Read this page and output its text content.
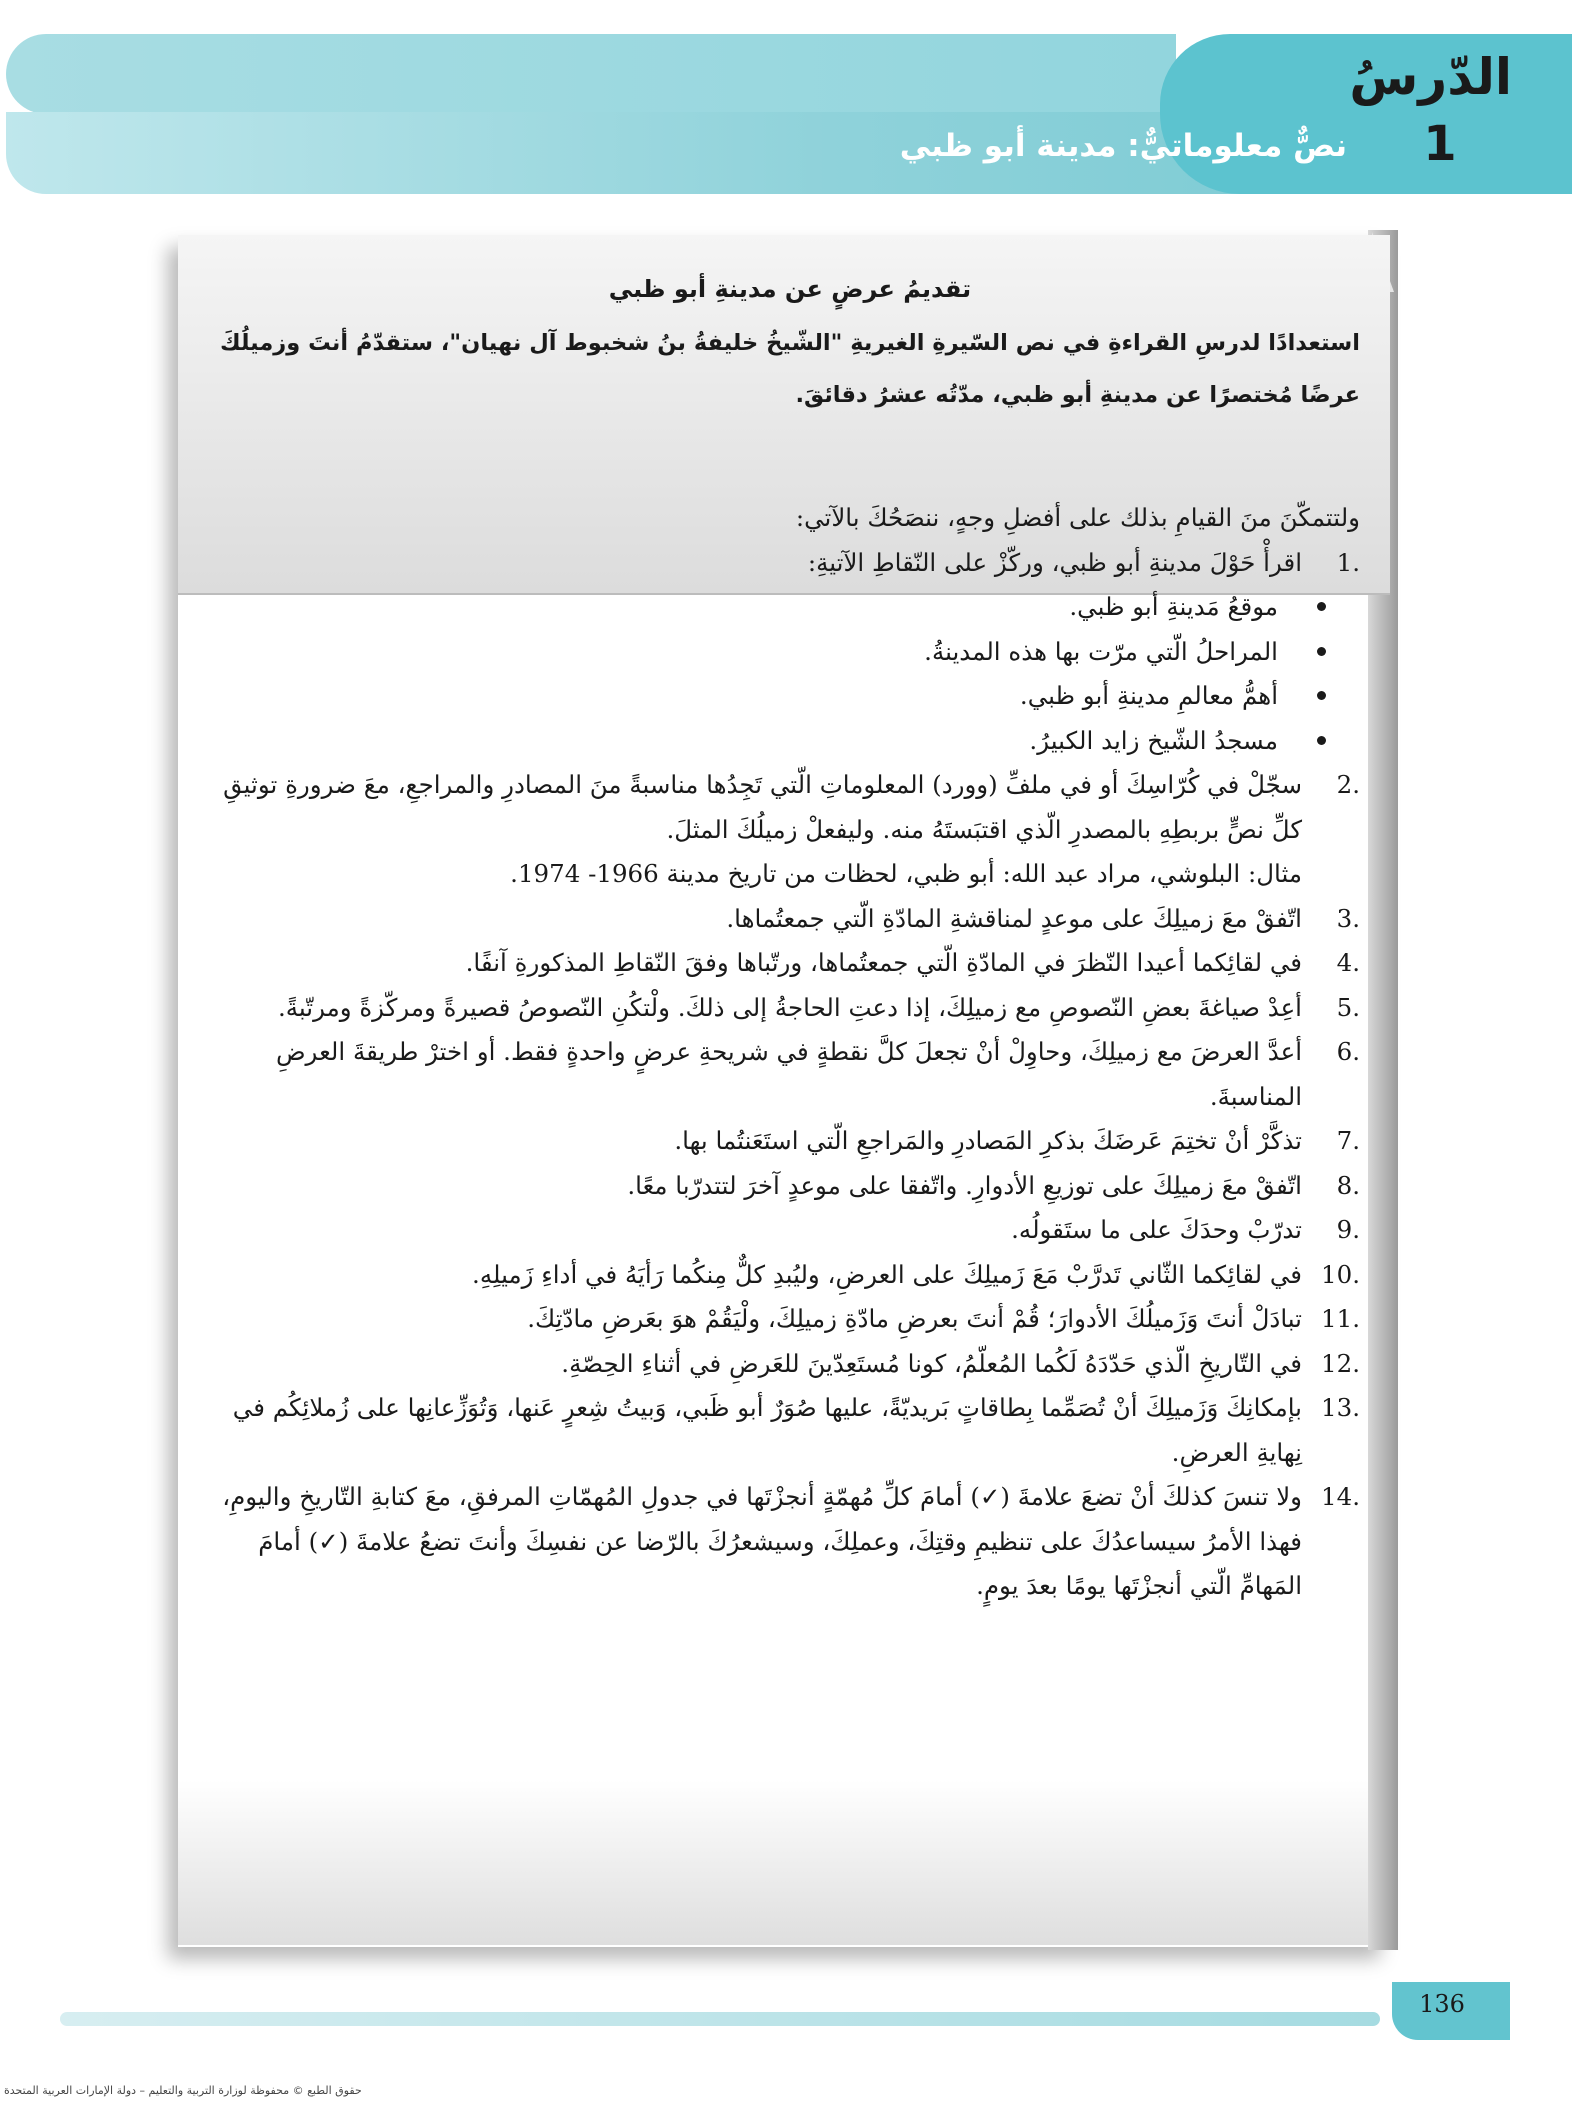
الدّرسُ
1
نصٌّ معلوماتيٌّ: مدينة أبو ظبي
تقديمُ عرضٍ عن مدينةِ أبو ظبي

استعدادًا لدرسِ القراءةِ في نص السّيرةِ الغيريةِ "الشّيخُ خليفةُ بنُ شخبوط آل نهيان"، ستقدّمُ أنتَ وزميلُكَ عرضًا مُختصرًا عن مدينةِ أبو ظبي، مدّتُه عشرُ دقائقَ.

ولتتمكّنَ منَ القيامِ بذلك على أفضلِ وجهٍ، ننصَحُكَ بالآتي:

1.
اقرأْ حَوْلَ مدينةِ أبو ظبي، وركّزْ على النّقاطِ الآتيةِ:
موقعُ مَدينةِ أبو ظبي.
المراحلُ الّتي مرّت بها هذه المدينةُ.
أهمُّ معالمِ مدينةِ أبو ظبي.
مسجدُ الشّيخ زايد الكبيرُ.
2.
سجّلْ في كُرّاسِكَ أو في ملفِّ (وورد) المعلوماتِ الّتي تَجِدُها مناسبةً منَ المصادرِ والمراجعِ، معَ ضرورةِ توثيقِ كلِّ نصٍّ بربطِهِ بالمصدرِ الّذي اقتبَستَهُ منه. وليفعلْ زميلُكَ المثلَ.

مثال: البلوشي، مراد عبد الله: أبو ظبي، لحظات من تاريخ مدينة 1966- 1974.

3.
اتّفقْ معَ زميلِكَ على موعدٍ لمناقشةِ المادّةِ الّتي جمعتُماها.
4.
في لقائِكما أعيدا النّظرَ في المادّةِ الّتي جمعتُماها، ورتّباها وفقَ النّقاطِ المذكورةِ آنفًا.
5.
أعِدْ صياغةَ بعضِ النّصوصِ مع زميلِكَ، إذا دعتِ الحاجةُ إلى ذلكَ. ولْتكُنِ النّصوصُ قصيرةً ومركّزةً ومرتّبةً.
6.
أعدَّ العرضَ مع زميلِكَ، وحاوِلْ أنْ تجعلَ كلَّ نقطةٍ في شريحةِ عرضٍ واحدةٍ فقط. أو اخترْ طريقةَ العرضِ المناسبةَ.
7.
تذكَّرْ أنْ تختِمَ عَرضَكَ بذكرِ المَصادرِ والمَراجعِ الّتي استَعَنتُما بها.
8.
اتّفقْ معَ زميلِكَ على توزيعِ الأدوارِ. واتّفقا على موعدٍ آخرَ لتتدرّبا معًا.
9.
تدرّبْ وحدَكَ على ما ستَقولُه.
10.
في لقائِكما الثّاني تَدرَّبْ مَعَ زَميلِكَ على العرضِ، وليُبدِ كلٌّ مِنكُما رَأيَهُ في أداءِ زَميلِهِ.
11.
تبادَلْ أنتَ وَزَميلُكَ الأدوارَ؛ قُمْ أنتَ بعرضِ مادّةِ زميلِكَ، ولْيَقُمْ هوَ بعَرضِ مادّتِكَ.
12.
في التّاريخِ الّذي حَدّدَهُ لَكُما المُعلّمُ، كونا مُستَعِدّينَ للعَرضِ في أثناءِ الحِصّةِ.
13.
بإمكانِكَ وَزَميلِكَ أنْ تُصَمِّما بِطاقاتٍ بَريديّةً، عليها صُوَرٌ أبو ظَبي، وَبيتُ شِعرٍ عَنها، وَتُوَزِّعانِها على زُملائِكُم في نِهايةِ العرضِ.
14.
ولا تنسَ كذلكَ أنْ تضعَ علامةَ (✓) أمامَ كلِّ مُهمّةٍ أنجزْتَها في جدولِ المُهمّاتِ المرفقِ، معَ كتابةِ التّاريخِ واليومِ، فهذا الأمرُ سيساعدُكَ على تنظيمِ وقتِكَ، وعملِكَ، وسيشعرُكَ بالرّضا عن نفسِكَ وأنتَ تضعُ علامةَ (✓) أمامَ المَهامِّ الّتي أنجزْتَها يومًا بعدَ يومٍ.
136
حقوق الطبع © محفوظة لوزارة التربية والتعليم – دولة الإمارات العربية المتحدة
